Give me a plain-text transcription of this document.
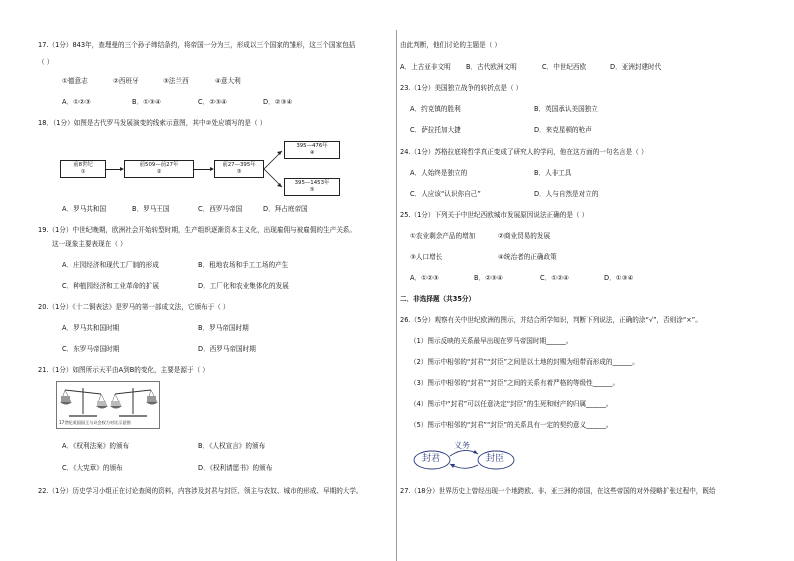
17.（1分）843年，查理曼的三个孙子缔结条约，将帝国一分为三，形成以三个国家的雏形，这三个国家包括
（ ）
①德意志	②西班牙	③法兰西	④意大利
A．①②③	B．①③④	C．②③④	D．②③④
18．（1分）如图是古代罗马发展演变的线索示意图，其中②处应填写的是（ ）
前8世纪
①
前509—前27年
②
前27—395年
③
395—476年
④
395—1453年
⑤
A．罗马共和国	B．罗马王国	C．西罗马帝国	D．拜占庭帝国
19.（1分）中世纪晚期，欧洲社会开始转型时期，生产组织逐渐资本主义化，出现雇佣与被雇佣的生产关系。
这一现象主要表现在（ ）
A．庄园经济和现代工厂制的形成	B．租地农场和手工工场的产生
C．种植园经济和工业革命的扩展	D．工厂化和农业集体化的发展
20.（1分）《十二铜表法》是罗马的第一部成文法，它颁布于（ ）
A．罗马共和国时期	B．罗马帝国时期
C．东罗马帝国时期	D．西罗马帝国时期
21.（1分）如图所示天平由A到B的变化，主要是源于（ ）
17世纪英国国王与议会权力对比示意图
A．《权利法案》的颁布	B．《人权宣言》的颁布
C．《大宪章》的颁布	D．《权利请愿书》的颁布
22.（1分）历史学习小组正在讨论查阅的资料，内容涉及封君与封臣、领主与农奴、城市的形成、早期的大学。
由此判断，他们讨论的主题是（ ）
A．上古亚非文明 B．古代欧洲文明	C．中世纪西欧	D．亚洲封建时代
23.（1分）美国独立战争的转折点是（ ）
A．约克镇的胜利	B．英国承认美国独立
C．萨拉托加大捷	D．来克星顿的枪声
24.（1分）苏格拉底将哲学真正变成了研究人的学问，他在这方面的一句名言是（ ）
A．人始终是独立的	B．人非工具
C．人应该“认识你自己”	D．人与自然是对立的
25.（1分）下列关于中世纪西欧城市发展原因说法正确的是（ ）
①农业剩余产品的增加	②商业贸易的发展
③人口增长	④统治者的正确政策
A．①②③	B．②③④	C．①②④	D．①③④
二．非选择题（共35分）
26.（5分）观察有关中世纪欧洲的图示，并结合所学知识，判断下列说法，正确的涂“√”，否则涂“×”。
（1）图示反映的关系最早出现在罗马帝国时期______。
（2）图示中相邻的“封君”“封臣”之间是以土地的封赐为纽带而形成的______。
（3）图示中相邻的“封君”“封臣”之间的关系有着严格的等级性______。
（4）图示中“封君”可以任意决定“封臣”的生死和财产的归属______。
（5）图示中相邻的“封君”“封臣”的关系具有一定的契约意义______。
封君	封臣
义务
27.（18分）世界历史上曾经出现一个地跨欧、非、亚三洲的帝国，在这些帝国的对外侵略扩张过程中，既给
